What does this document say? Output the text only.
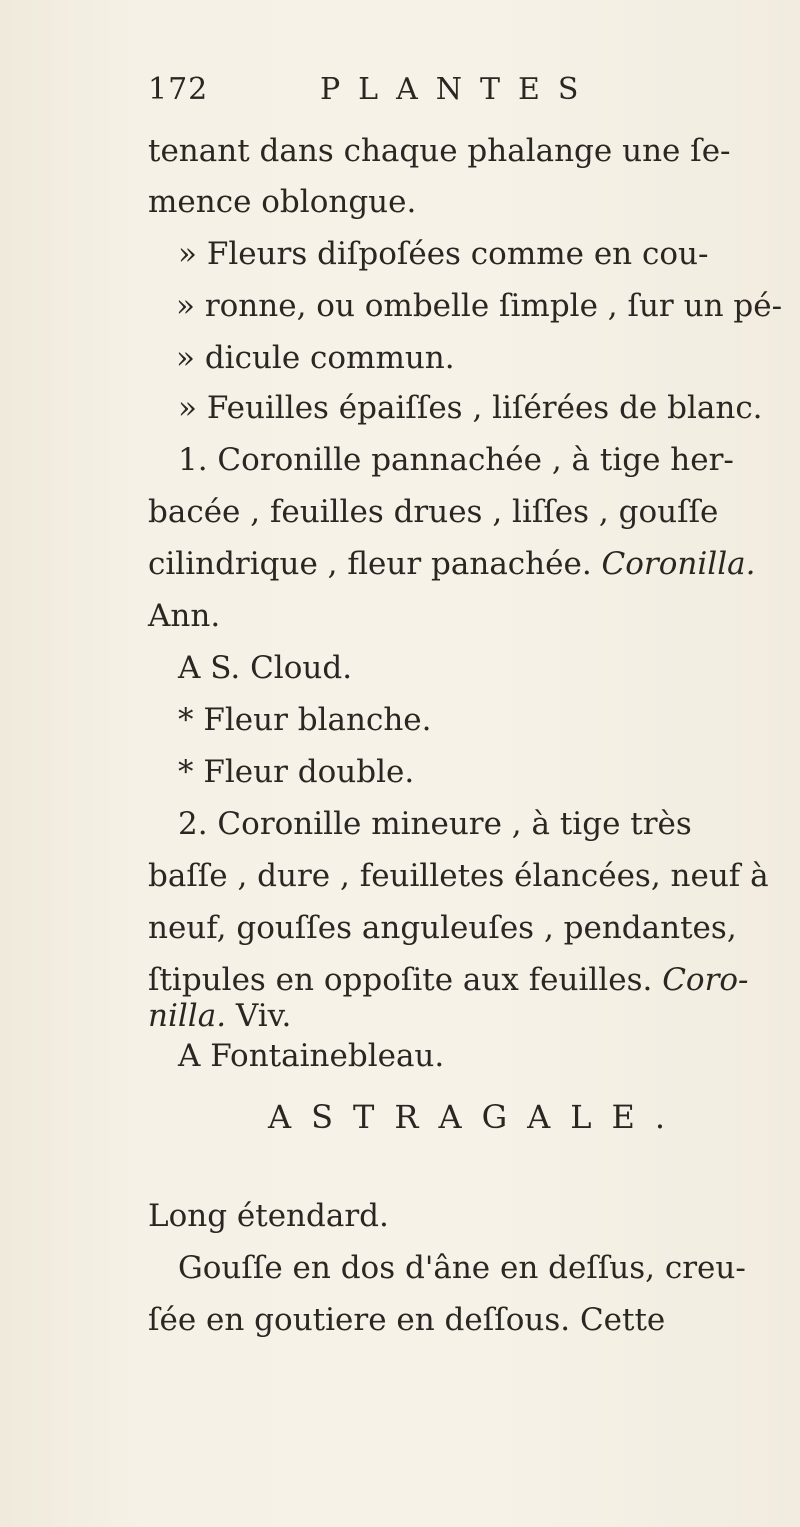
172	PLANTES
tenant dans chaque phalange une ſe-
mence oblongue.
» Fleurs diſpoſées comme en cou-
» ronne, ou ombelle ſimple , ſur un pé-
» dicule commun.
» Feuilles épaiſſes , liſérées de blanc.
1. Coronille pannachée , à tige her-
bacée , feuilles drues , liſſes , gouſſe
cilindrique , fleur panachée. Coronilla.
Ann.
A S. Cloud.
* Fleur blanche.
* Fleur double.
2. Coronille mineure , à tige très
baſſe , dure , feuilletes élancées, neuf à
neuf, gouſſes anguleuſes , pendantes,
ſtipules en oppoſite aux feuilles. Coro-
nilla. Viv.
A Fontainebleau.
ASTRAGALE.
Long étendard.
Gouſſe en dos d'âne en deſſus, creu-
ſée en goutiere en deſſous. Cette
